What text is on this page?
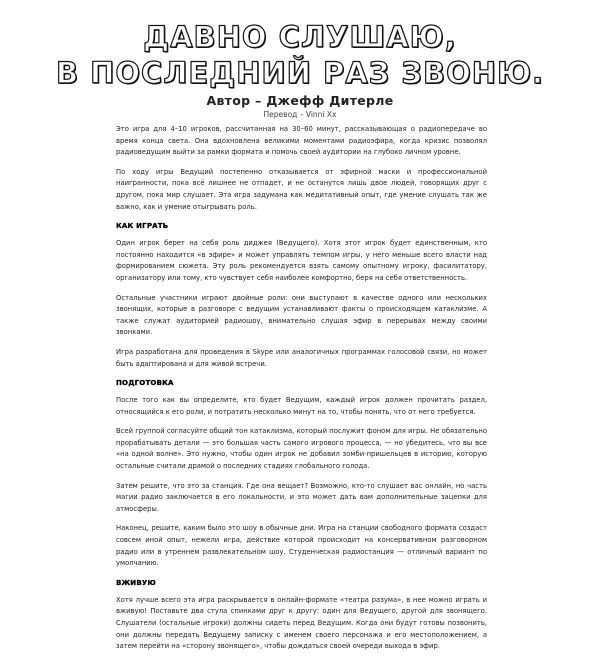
ДАВНО СЛУШАЮ,
В ПОСЛЕДНИЙ РАЗ ЗВОНЮ.
Автор – Джефф Дитерле
Перевод – Vinni Xx

Это игра для 4–10 игроков, рассчитанная на 30–60 минут, рассказывающая о радиопередаче во время конца света. Она вдохновлена великими моментами радиоэфира, когда кризис позволял радиоведущим выйти за рамки формата и помочь своей аудитории на глубоко личном уровне.

По ходу игры Ведущий постепенно отказывается от эфирной маски и профессиональной наигранности, пока всё лишнее не отпадет, и не останутся лишь двое людей, говорящих друг с другом, пока мир слушает. Эта игра задумана как медитативный опыт, где умение слушать так же важно, как и умение отыгрывать роль.

КАК ИГРАТЬ

Один игрок берет на себя роль диджея (Ведущего). Хотя этот игрок будет единственным, кто постоянно находится «в эфире» и может управлять темпом игры, у него меньше всего власти над формированием сюжета. Эту роль рекомендуется взять самому опытному игроку, фасилитатору, организатору или тому, кто чувствует себя наиболее комфортно, беря на себя ответственность.

Остальные участники играют двойные роли: они выступают в качестве одного или нескольких звонящих, которые в разговоре с ведущим устанавливают факты о происходящем катаклизме. А также служат аудиторией радиошоу, внимательно слушая эфир в перерывах между своими звонками.

Игра разработана для проведения в Skype или аналогичных программах голосовой связи, но может быть адаптирована и для живой встречи.

ПОДГОТОВКА

После того как вы определите, кто будет Ведущим, каждый игрок должен прочитать раздел, относящийся к его роли, и потратить несколько минут на то, чтобы понять, что от него требуется.

Всей группой согласуйте общий тон катаклизма, который послужит фоном для игры. Не обязательно прорабатывать детали — это большая часть самого игрового процесса, — но убедитесь, что вы все «на одной волне». Это нужно, чтобы один игрок не добавил зомби-пришельцев в историю, которую остальные считали драмой о последних стадиях глобального голода.

Затем решите, что это за станция. Где она вещает? Возможно, кто-то слушает вас онлайн, но часть магии радио заключается в его локальности, и это может дать вам дополнительные зацепки для атмосферы.

Наконец, решите, каким было это шоу в обычные дни. Игра на станции свободного формата создаст совсем иной опыт, нежели игра, действие которой происходит на консервативном разговорном радио или в утреннем развлекательном шоу. Студенческая радиостанция — отличный вариант по умолчанию.

ВЖИВУЮ

Хотя лучше всего эта игра раскрывается в онлайн-формате «театра разума», в нее можно играть и вживую! Поставьте два стула спинками друг к другу: один для Ведущего, другой для звонящего. Слушатели (остальные игроки) должны сидеть перед Ведущим. Когда они будут готовы позвонить, они должны передать Ведущему записку с именем своего персонажа и его местоположением, а затем перейти на «сторону звонящего», чтобы дождаться своей очереди выхода в эфир.
